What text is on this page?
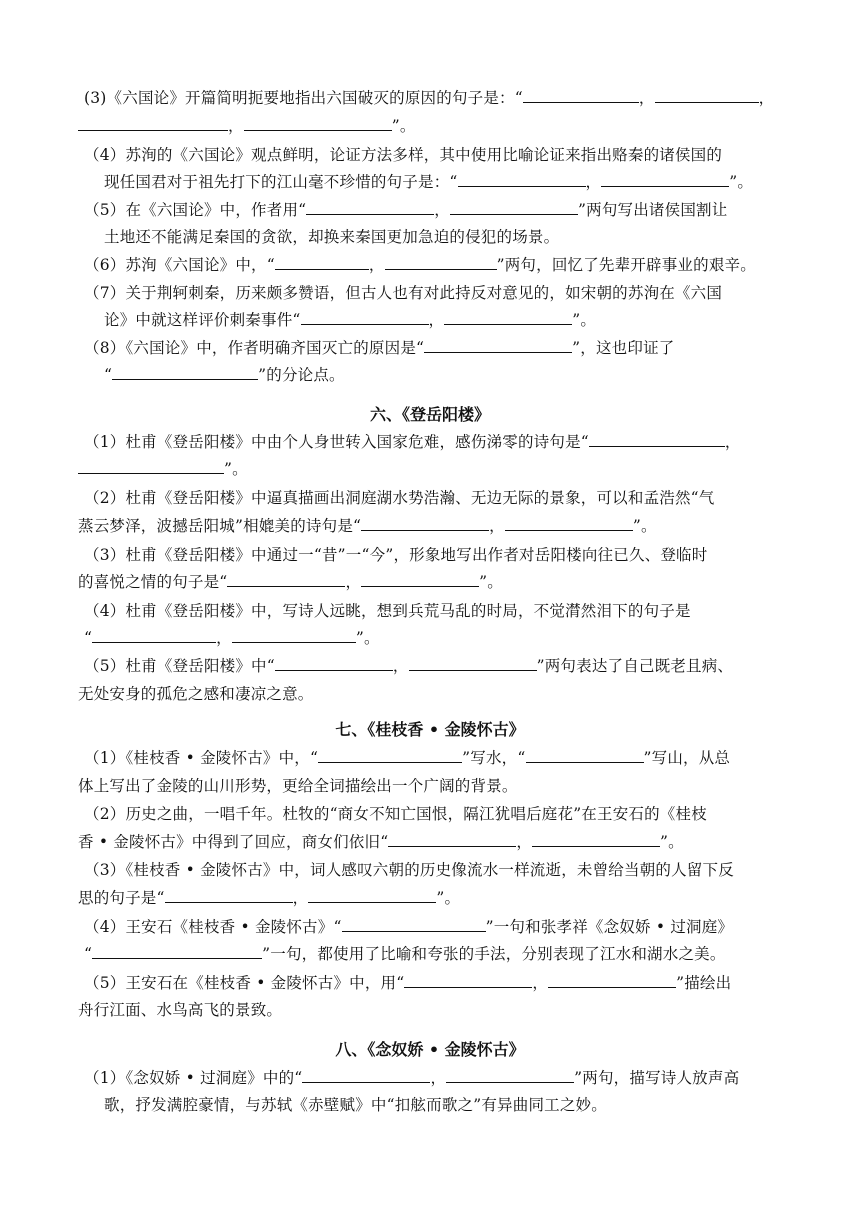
六、《登岳阳楼》
七、《桂枝香 • 金陵怀古》
八、《念奴娇 • 金陵怀古》
(3)《六国论》开篇简明扼要地指出六国破灭的原因的句子是：“	，	，
，	”。
（4）苏洵的《六国论》观点鲜明，论证方法多样，其中使用比喻论证来指出赂秦的诸侯国的
现任国君对于祖先打下的江山毫不珍惜的句子是：“	，	”。
（5）在《六国论》中，作者用“	，	”两句写出诸侯国割让
土地还不能满足秦国的贪欲，却换来秦国更加急迫的侵犯的场景。
（6）苏洵《六国论》中，“	，	”两句，回忆了先辈开辟事业的艰辛。
（7）关于荆轲刺秦，历来颇多赞语，但古人也有对此持反对意见的，如宋朝的苏洵在《六国
论》中就这样评价刺秦事件“	，	”。
（8）《六国论》中，作者明确齐国灭亡的原因是“	”，这也印证了
“	”的分论点。
（1）杜甫《登岳阳楼》中由个人身世转入国家危难，感伤涕零的诗句是“	，
”。
（2）杜甫《登岳阳楼》中逼真描画出洞庭湖水势浩瀚、无边无际的景象，可以和孟浩然“气
蒸云梦泽，波撼岳阳城”相媲美的诗句是“	，	”。
（3）杜甫《登岳阳楼》中通过一“昔”一“今”，形象地写出作者对岳阳楼向往已久、登临时
的喜悦之情的句子是“	，	”。
（4）杜甫《登岳阳楼》中，写诗人远眺，想到兵荒马乱的时局，不觉潸然泪下的句子是
“	，	”。
（5）杜甫《登岳阳楼》中“	，	”两句表达了自己既老且病、
无处安身的孤危之感和凄凉之意。
（1）《桂枝香 • 金陵怀古》中，“	”写水，“	”写山，从总
体上写出了金陵的山川形势，更给全词描绘出一个广阔的背景。
（2）历史之曲，一唱千年。杜牧的“商女不知亡国恨，隔江犹唱后庭花”在王安石的《桂枝
香 • 金陵怀古》中得到了回应，商女们依旧“	，	”。
（3）《桂枝香 • 金陵怀古》中，词人感叹六朝的历史像流水一样流逝，未曾给当朝的人留下反
思的句子是“	，	”。
（4）王安石《桂枝香 • 金陵怀古》“	”一句和张孝祥《念奴娇 • 过洞庭》
“	”一句，都使用了比喻和夸张的手法，分别表现了江水和湖水之美。
（5）王安石在《桂枝香 • 金陵怀古》中，用“	，	”描绘出
舟行江面、水鸟高飞的景致。
（1）《念奴娇 • 过洞庭》中的“	，	”两句，描写诗人放声高
歌，抒发满腔豪情，与苏轼《赤壁赋》中“扣舷而歌之”有异曲同工之妙。
